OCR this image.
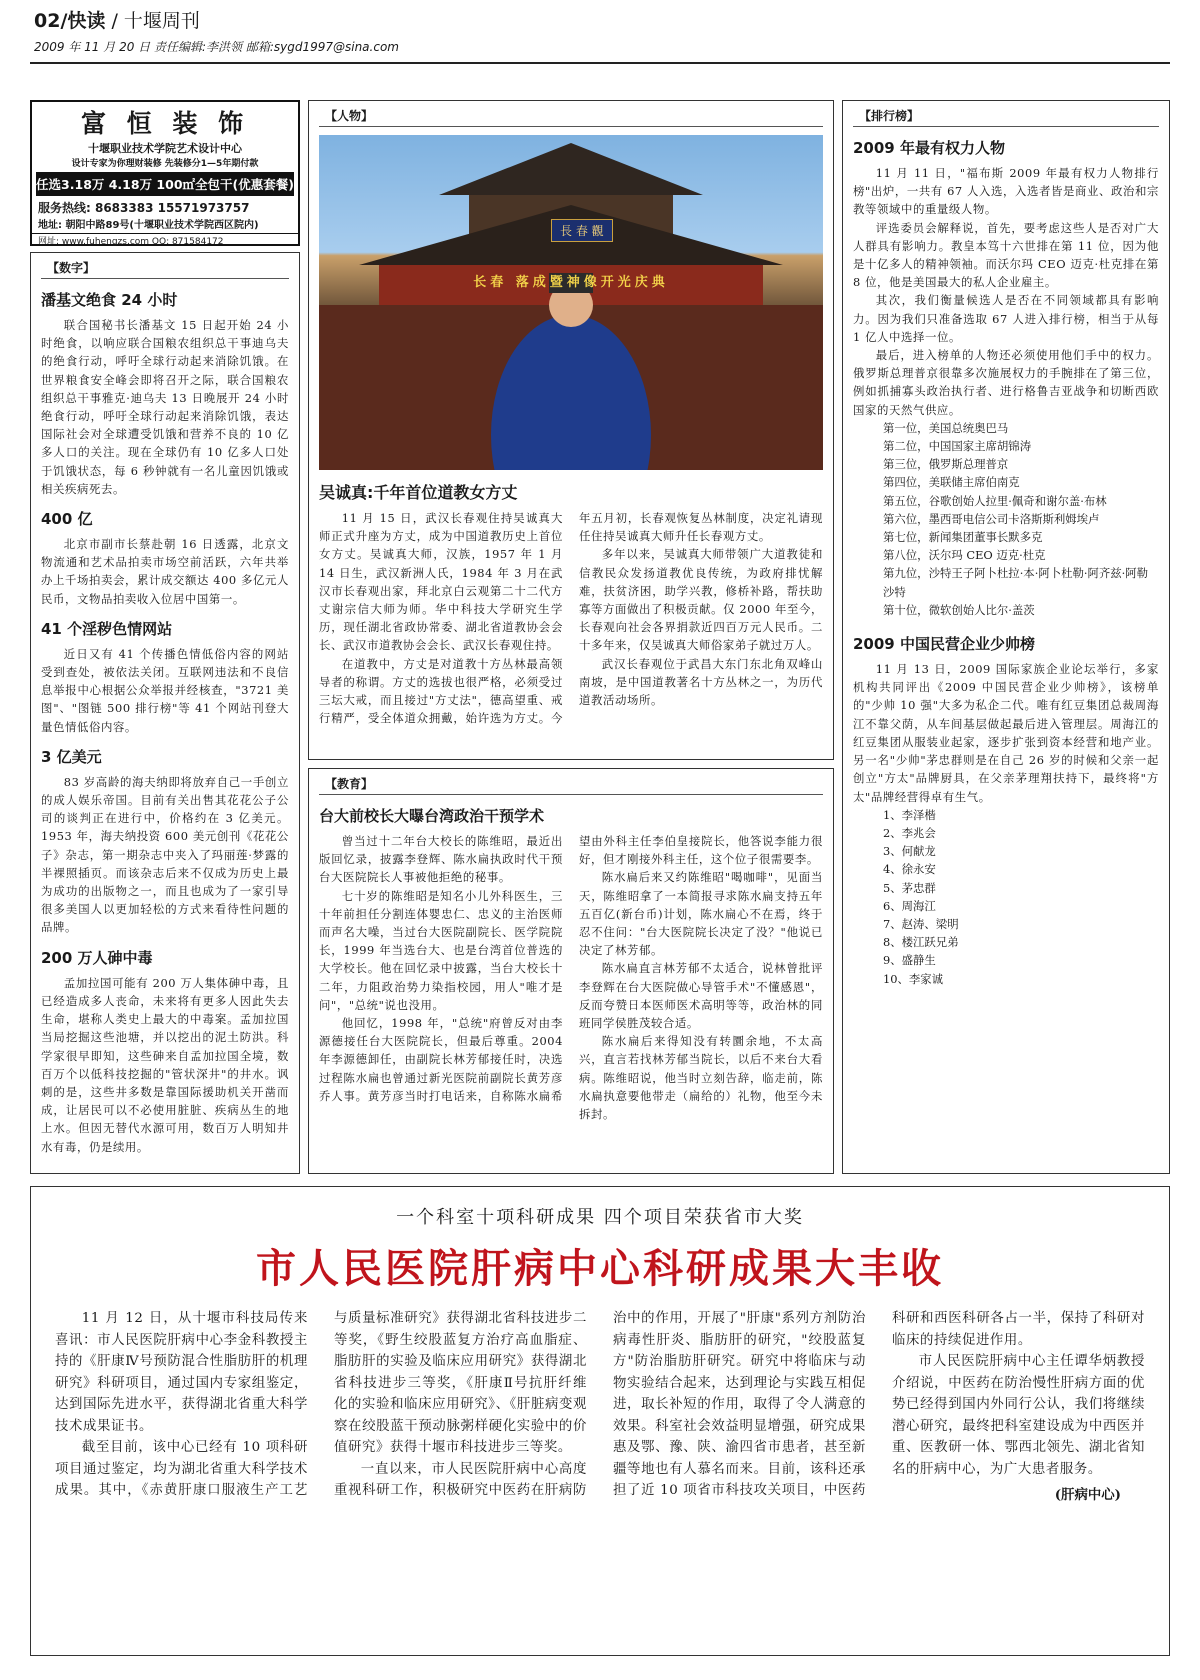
02/快读 / 十堰周刊
2009 年 11 月 20 日 责任编辑:李洪领 邮箱:sygd1997@sina.com
富 恒 装 饰
十堰职业技术学院艺术设计中心
设计专家为你理财装修 先装修分1—5年期付款
任选3.18万 4.18万 100㎡全包干(优惠套餐)
服务热线: 8683383 15571973757
地址: 朝阳中路89号(十堰职业技术学院西区院内)
网址: www.fuhengzs.com QQ: 871584172
【数字】
潘基文绝食 24 小时

联合国秘书长潘基文 15 日起开始 24 小时绝食，以响应联合国粮农组织总干事迪乌夫的绝食行动，呼吁全球行动起来消除饥饿。在世界粮食安全峰会即将召开之际，联合国粮农组织总干事雅克·迪乌夫 13 日晚展开 24 小时绝食行动，呼吁全球行动起来消除饥饿，表达国际社会对全球遭受饥饿和营养不良的 10 亿多人口的关注。现在全球仍有 10 亿多人口处于饥饿状态，每 6 秒钟就有一名儿童因饥饿或相关疾病死去。

400 亿

北京市副市长蔡赴朝 16 日透露，北京文物流通和艺术品拍卖市场空前活跃，六年共举办上千场拍卖会，累计成交额达 400 多亿元人民币，文物品拍卖收入位居中国第一。

41 个淫秽色情网站

近日又有 41 个传播色情低俗内容的网站受到查处，被依法关闭。互联网违法和不良信息举报中心根据公众举报并经核查，"3721 美图"、"图链 500 排行榜"等 41 个网站刊登大量色情低俗内容。

3 亿美元

83 岁高龄的海夫纳即将放弃自己一手创立的成人娱乐帝国。目前有关出售其花花公子公司的谈判正在进行中，价格约在 3 亿美元。1953 年，海夫纳投资 600 美元创刊《花花公子》杂志，第一期杂志中夹入了玛丽莲·梦露的半裸照插页。而该杂志后来不仅成为历史上最为成功的出版物之一，而且也成为了一家引导很多美国人以更加轻松的方式来看待性问题的品牌。

200 万人砷中毒

孟加拉国可能有 200 万人集体砷中毒，且已经造成多人丧命，未来将有更多人因此失去生命，堪称人类史上最大的中毒案。孟加拉国当局挖掘这些池塘，并以挖出的泥土防洪。科学家很早即知，这些砷来自孟加拉国全境，数百万个以低科技挖掘的"管状深井"的井水。讽刺的是，这些井多数是靠国际援助机关开凿而成，让居民可以不必使用脏脏、疾病丛生的地上水。但因无替代水源可用，数百万人明知井水有毒，仍是续用。

【人物】
長 春 觀
长春 落成暨神像开光庆典
吴诚真:千年首位道教女方丈

11 月 15 日，武汉长春观住持吴诚真大师正式升座为方丈，成为中国道教历史上首位女方丈。吴诚真大师，汉族，1957 年 1 月 14 日生，武汉新洲人氏，1984 年 3 月在武汉市长春观出家，拜北京白云观第二十二代方丈谢宗信大师为师。华中科技大学研究生学历，现任湖北省政协常委、湖北省道教协会会长、武汉市道教协会会长、武汉长春观住持。

在道教中，方丈是对道教十方丛林最高领导者的称谓。方丈的选拔也很严格，必须受过三坛大戒，而且接过"方丈法"，德高望重、戒行精严，受全体道众拥戴，始许选为方丈。今年五月初，长春观恢复丛林制度，决定礼请现任住持吴诚真大师升任长春观方丈。

多年以来，吴诚真大师带领广大道教徒和信教民众发扬道教优良传统，为政府排忧解难，扶贫济困，助学兴教，修桥补路，帮扶助寡等方面做出了积极贡献。仅 2000 年至今，长春观向社会各界捐款近四百万元人民币。二十多年来，仅吴诚真大师俗家弟子就过万人。

武汉长春观位于武昌大东门东北角双峰山南坡，是中国道教著名十方丛林之一，为历代道教活动场所。

【教育】
台大前校长大曝台湾政治干预学术

曾当过十二年台大校长的陈维昭，最近出版回忆录，披露李登辉、陈水扁执政时代干预台大医院院长人事被他拒绝的秘事。

七十岁的陈维昭是知名小儿外科医生，三十年前担任分割连体婴忠仁、忠义的主治医师而声名大噪，当过台大医院副院长、医学院院长，1999 年当选台大、也是台湾首位普选的大学校长。他在回忆录中披露，当台大校长十二年，力阻政治势力染指校园，用人"唯才是问"，"总统"说也没用。

他回忆，1998 年，"总统"府曾反对由李源德接任台大医院院长，但最后尊重。2004 年李源德卸任，由副院长林芳郁接任时，决选过程陈水扁也曾通过新光医院前副院长黄芳彦乔人事。黄芳彦当时打电话来，自称陈水扁希望由外科主任李伯皇接院长，他答说李能力很好，但才刚接外科主任，这个位子很需要李。

陈水扁后来又约陈维昭"喝咖啡"，见面当天，陈维昭拿了一本简报寻求陈水扁支持五年五百亿(新台币)计划，陈水扁心不在焉，终于忍不住问："台大医院院长决定了没？"他说已决定了林芳郁。

陈水扁直言林芳郁不太适合，说林曾批评李登辉在台大医院做心导管手术"不懂感恩"，反而夸赞日本医师医术高明等等，政治林的同班同学侯胜茂较合适。

陈水扁后来得知没有转圜余地，不太高兴，直言若找林芳郁当院长，以后不来台大看病。陈维昭说，他当时立刻告辞，临走前，陈水扁执意要他带走（扁给的）礼物，他至今未拆封。

【排行榜】
2009 年最有权力人物

11 月 11 日，"福布斯 2009 年最有权力人物排行榜"出炉，一共有 67 人入选，入选者皆是商业、政治和宗教等领域中的重量级人物。

评选委员会解释说，首先，要考虑这些人是否对广大人群具有影响力。教皇本笃十六世排在第 11 位，因为他是十亿多人的精神领袖。而沃尔玛 CEO 迈克·杜克排在第 8 位，他是美国最大的私人企业雇主。

其次，我们衡量候选人是否在不同领域都具有影响力。因为我们只准备选取 67 人进入排行榜，相当于从每 1 亿人中选择一位。

最后，进入榜单的人物还必须使用他们手中的权力。俄罗斯总理普京很靠多次施展权力的手腕排在了第三位，例如抓捕寡头政治执行者、进行格鲁吉亚战争和切断西欧国家的天然气供应。

第一位，美国总统奥巴马
第二位，中国国家主席胡锦涛
第三位，俄罗斯总理普京
第四位，美联储主席伯南克
第五位，谷歌创始人拉里·佩奇和谢尔盖·布林
第六位，墨西哥电信公司卡洛斯斯利姆埃卢
第七位，新闻集团董事长默多克
第八位，沃尔玛 CEO 迈克·杜克
第九位，沙特王子阿卜杜拉·本·阿卜杜勒·阿齐兹·阿勒沙特
第十位，微软创始人比尔·盖茨
2009 中国民营企业少帅榜

11 月 13 日，2009 国际家族企业论坛举行，多家机构共同评出《2009 中国民营企业少帅榜》，该榜单的"少帅 10 强"大多为私企二代。唯有红豆集团总裁周海江不靠父荫，从车间基层做起最后进入管理层。周海江的红豆集团从服装业起家，逐步扩张到资本经营和地产业。另一名"少帅"茅忠群则是在自己 26 岁的时候和父亲一起创立"方太"品牌厨具，在父亲茅理翔扶持下，最终将"方太"品牌经营得卓有生气。

1、李泽楷
2、李兆会
3、何献龙
4、徐永安
5、茅忠群
6、周海江
7、赵涛、梁明
8、楼江跃兄弟
9、盛静生
10、李家诚
一个科室十项科研成果 四个项目荣获省市大奖
市人民医院肝病中心科研成果大丰收

11 月 12 日，从十堰市科技局传来喜讯：市人民医院肝病中心李金科教授主持的《肝康Ⅳ号预防混合性脂肪肝的机理研究》科研项目，通过国内专家组鉴定，达到国际先进水平，获得湖北省重大科学技术成果证书。

截至目前，该中心已经有 10 项科研项目通过鉴定，均为湖北省重大科学技术成果。其中，《赤黄肝康口服液生产工艺与质量标准研究》获得湖北省科技进步二等奖，《野生绞股蓝复方治疗高血脂症、脂肪肝的实验及临床应用研究》获得湖北省科技进步三等奖，《肝康Ⅱ号抗肝纤维化的实验和临床应用研究》、《肝脏病变观察在绞股蓝干预动脉粥样硬化实验中的价值研究》获得十堰市科技进步三等奖。

一直以来，市人民医院肝病中心高度重视科研工作，积极研究中医药在肝病防治中的作用，开展了"肝康"系列方剂防治病毒性肝炎、脂肪肝的研究，"绞股蓝复方"防治脂肪肝研究。研究中将临床与动物实验结合起来，达到理论与实践互相促进，取长补短的作用，取得了令人满意的效果。科室社会效益明显增强，研究成果惠及鄂、豫、陕、渝四省市患者，甚至新疆等地也有人慕名而来。目前，该科还承担了近 10 项省市科技攻关项目，中医药科研和西医科研各占一半，保持了科研对临床的持续促进作用。

市人民医院肝病中心主任谭华炳教授介绍说，中医药在防治慢性肝病方面的优势已经得到国内外同行公认，我们将继续潜心研究，最终把科室建设成为中西医并重、医教研一体、鄂西北领先、湖北省知名的肝病中心，为广大患者服务。

(肝病中心)
